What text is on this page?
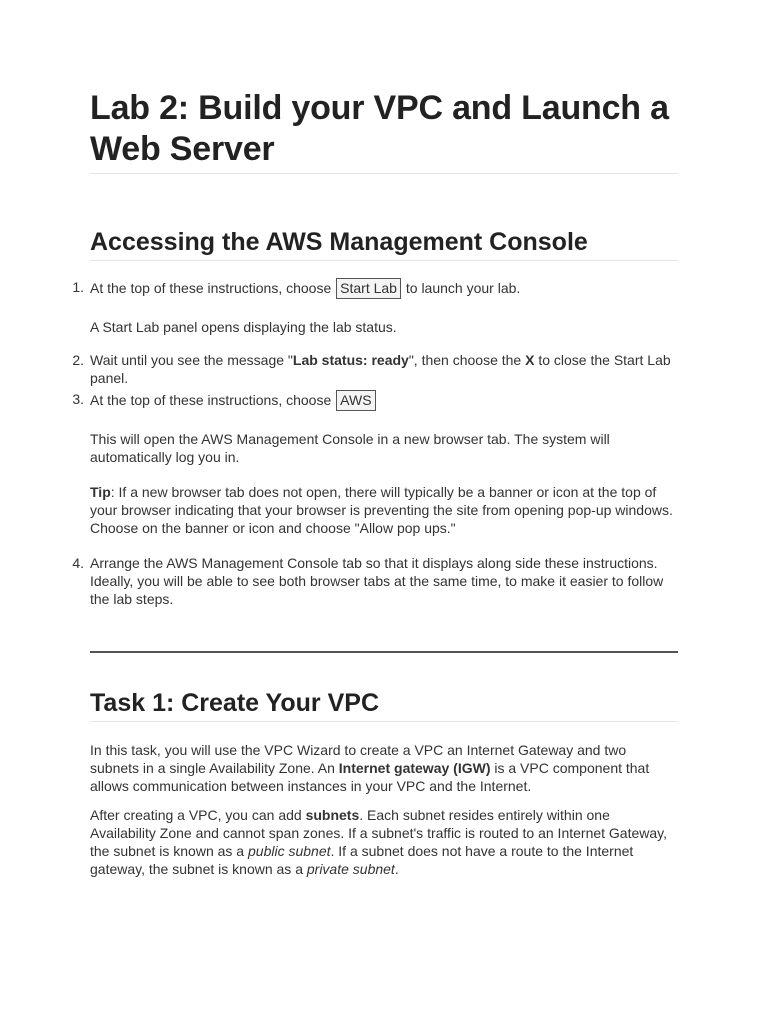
Lab 2: Build your VPC and Launch a Web Server
Accessing the AWS Management Console
1. At the top of these instructions, choose Start Lab to launch your lab.

A Start Lab panel opens displaying the lab status.

2. Wait until you see the message "Lab status: ready", then choose the X to close the Start Lab panel.

3. At the top of these instructions, choose AWS

This will open the AWS Management Console in a new browser tab. The system will automatically log you in.

Tip: If a new browser tab does not open, there will typically be a banner or icon at the top of your browser indicating that your browser is preventing the site from opening pop-up windows. Choose on the banner or icon and choose "Allow pop ups."

4. Arrange the AWS Management Console tab so that it displays along side these instructions. Ideally, you will be able to see both browser tabs at the same time, to make it easier to follow the lab steps.

Task 1: Create Your VPC

In this task, you will use the VPC Wizard to create a VPC an Internet Gateway and two subnets in a single Availability Zone. An Internet gateway (IGW) is a VPC component that allows communication between instances in your VPC and the Internet.

After creating a VPC, you can add subnets. Each subnet resides entirely within one Availability Zone and cannot span zones. If a subnet's traffic is routed to an Internet Gateway, the subnet is known as a public subnet. If a subnet does not have a route to the Internet gateway, the subnet is known as a private subnet.
